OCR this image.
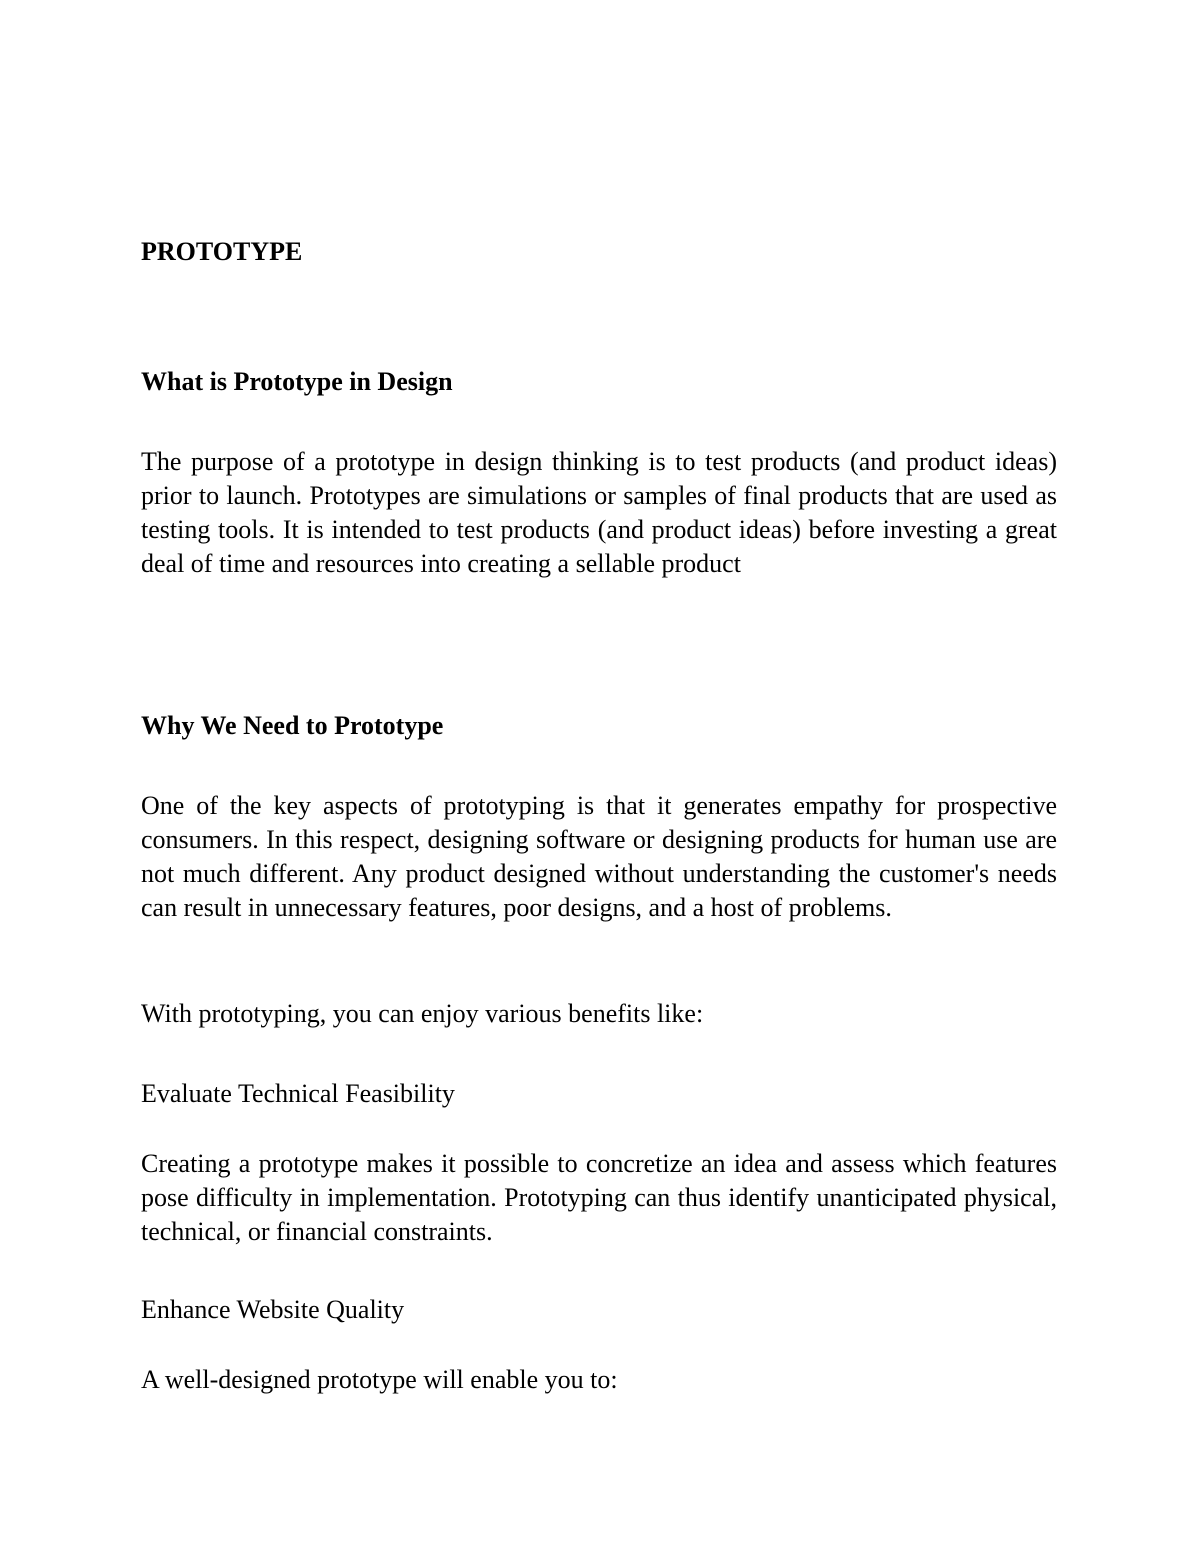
PROTOTYPE

What is Prototype in Design

The purpose of a prototype in design thinking is to test products (and product ideas) prior to launch. Prototypes are simulations or samples of final products that are used as testing tools. It is intended to test products (and product ideas) before investing a great deal of time and resources into creating a sellable product

Why We Need to Prototype

One of the key aspects of prototyping is that it generates empathy for prospective consumers. In this respect, designing software or designing products for human use are not much different. Any product designed without understanding the customer's needs can result in unnecessary features, poor designs, and a host of problems.

With prototyping, you can enjoy various benefits like:

Evaluate Technical Feasibility

Creating a prototype makes it possible to concretize an idea and assess which features pose difficulty in implementation. Prototyping can thus identify unanticipated physical, technical, or financial constraints.

Enhance Website Quality

A well-designed prototype will enable you to:
